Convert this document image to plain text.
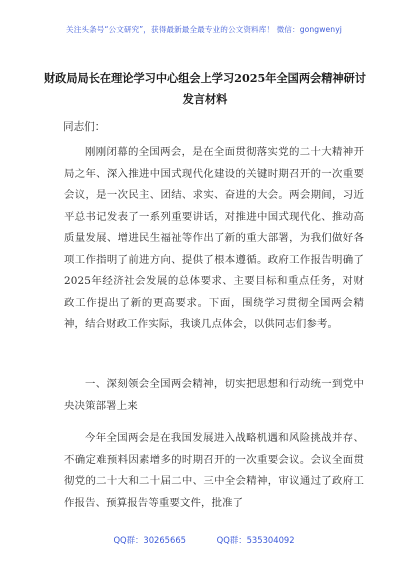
关注头条号“公文研究”，获得最新最全最专业的公文资料库！ 微信：gongwenyj
财政局局长在理论学习中心组会上学习2025年全国两会精神研讨发言材料
同志们：

刚刚闭幕的全国两会，是在全面贯彻落实党的二十大精神开局之年、深入推进中国式现代化建设的关键时期召开的一次重要会议，是一次民主、团结、求实、奋进的大会。两会期间，习近平总书记发表了一系列重要讲话，对推进中国式现代化、推动高质量发展、增进民生福祉等作出了新的重大部署，为我们做好各项工作指明了前进方向、提供了根本遵循。政府工作报告明确了2025年经济社会发展的总体要求、主要目标和重点任务，对财政工作提出了新的更高要求。下面，围绕学习贯彻全国两会精神，结合财政工作实际，我谈几点体会，以供同志们参考。

一、深刻领会全国两会精神，切实把思想和行动统一到党中央决策部署上来

今年全国两会是在我国发展进入战略机遇和风险挑战并存、不确定难预料因素增多的时期召开的一次重要会议。会议全面贯彻党的二十大和二十届二中、三中全会精神，审议通过了政府工作报告、预算报告等重要文件，批准了

QQ群：30265665	QQ群：535304092
